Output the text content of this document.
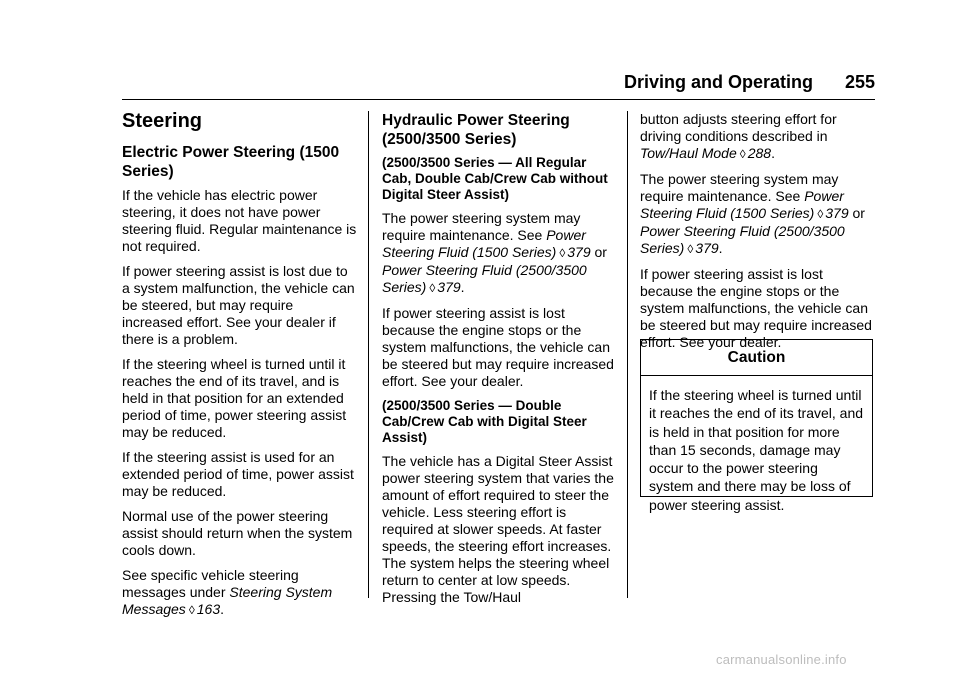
Driving and Operating 255
Steering
Electric Power Steering (1500 Series)

If the vehicle has electric power steering, it does not have power steering fluid. Regular maintenance is not required.

If power steering assist is lost due to a system malfunction, the vehicle can be steered, but may require increased effort. See your dealer if there is a problem.

If the steering wheel is turned until it reaches the end of its travel, and is held in that position for an extended period of time, power steering assist may be reduced.

If the steering assist is used for an extended period of time, power assist may be reduced.

Normal use of the power steering assist should return when the system cools down.

See specific vehicle steering messages under Steering System Messages ◊ 163.

Hydraulic Power Steering (2500/3500 Series)
(2500/3500 Series — All Regular Cab, Double Cab/Crew Cab without Digital Steer Assist)

The power steering system may require maintenance. See Power Steering Fluid (1500 Series) ◊ 379 or Power Steering Fluid (2500/3500 Series) ◊ 379.

If power steering assist is lost because the engine stops or the system malfunctions, the vehicle can be steered but may require increased effort. See your dealer.

(2500/3500 Series — Double Cab/Crew Cab with Digital Steer Assist)

The vehicle has a Digital Steer Assist power steering system that varies the amount of effort required to steer the vehicle. Less steering effort is required at slower speeds. At faster speeds, the steering effort increases. The system helps the steering wheel return to center at low speeds. Pressing the Tow/Haul

button adjusts steering effort for driving conditions described in Tow/Haul Mode ◊ 288.

The power steering system may require maintenance. See Power Steering Fluid (1500 Series) ◊ 379 or Power Steering Fluid (2500/3500 Series) ◊ 379.

If power steering assist is lost because the engine stops or the system malfunctions, the vehicle can be steered but may require increased effort. See your dealer.

Caution
If the steering wheel is turned until it reaches the end of its travel, and is held in that position for more than 15 seconds, damage may occur to the power steering system and there may be loss of power steering assist.
carmanualsonline.info
